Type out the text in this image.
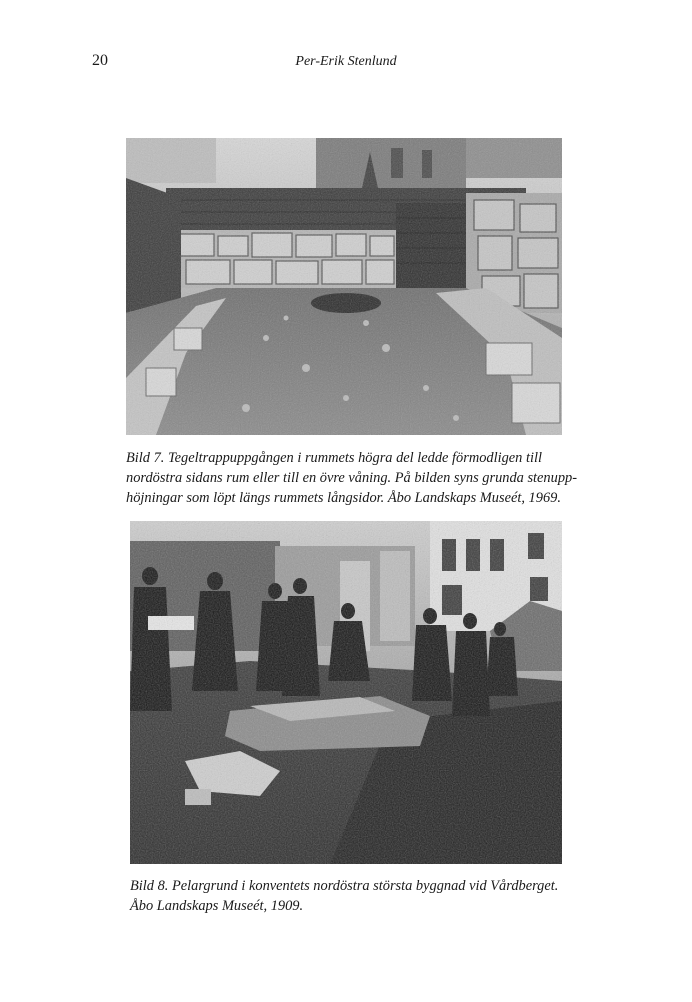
20	Per-Erik Stenlund
Bild 7. Tegeltrappuppgången i rummets högra del ledde förmodligen till
nordöstra sidans rum eller till en övre våning. På bilden syns grunda stenupp-
höjningar som löpt längs rummets långsidor. Åbo Landskaps Museét, 1969.
Bild 8. Pelargrund i konventets nordöstra största byggnad vid Vårdberget.
Åbo Landskaps Museét, 1909.
